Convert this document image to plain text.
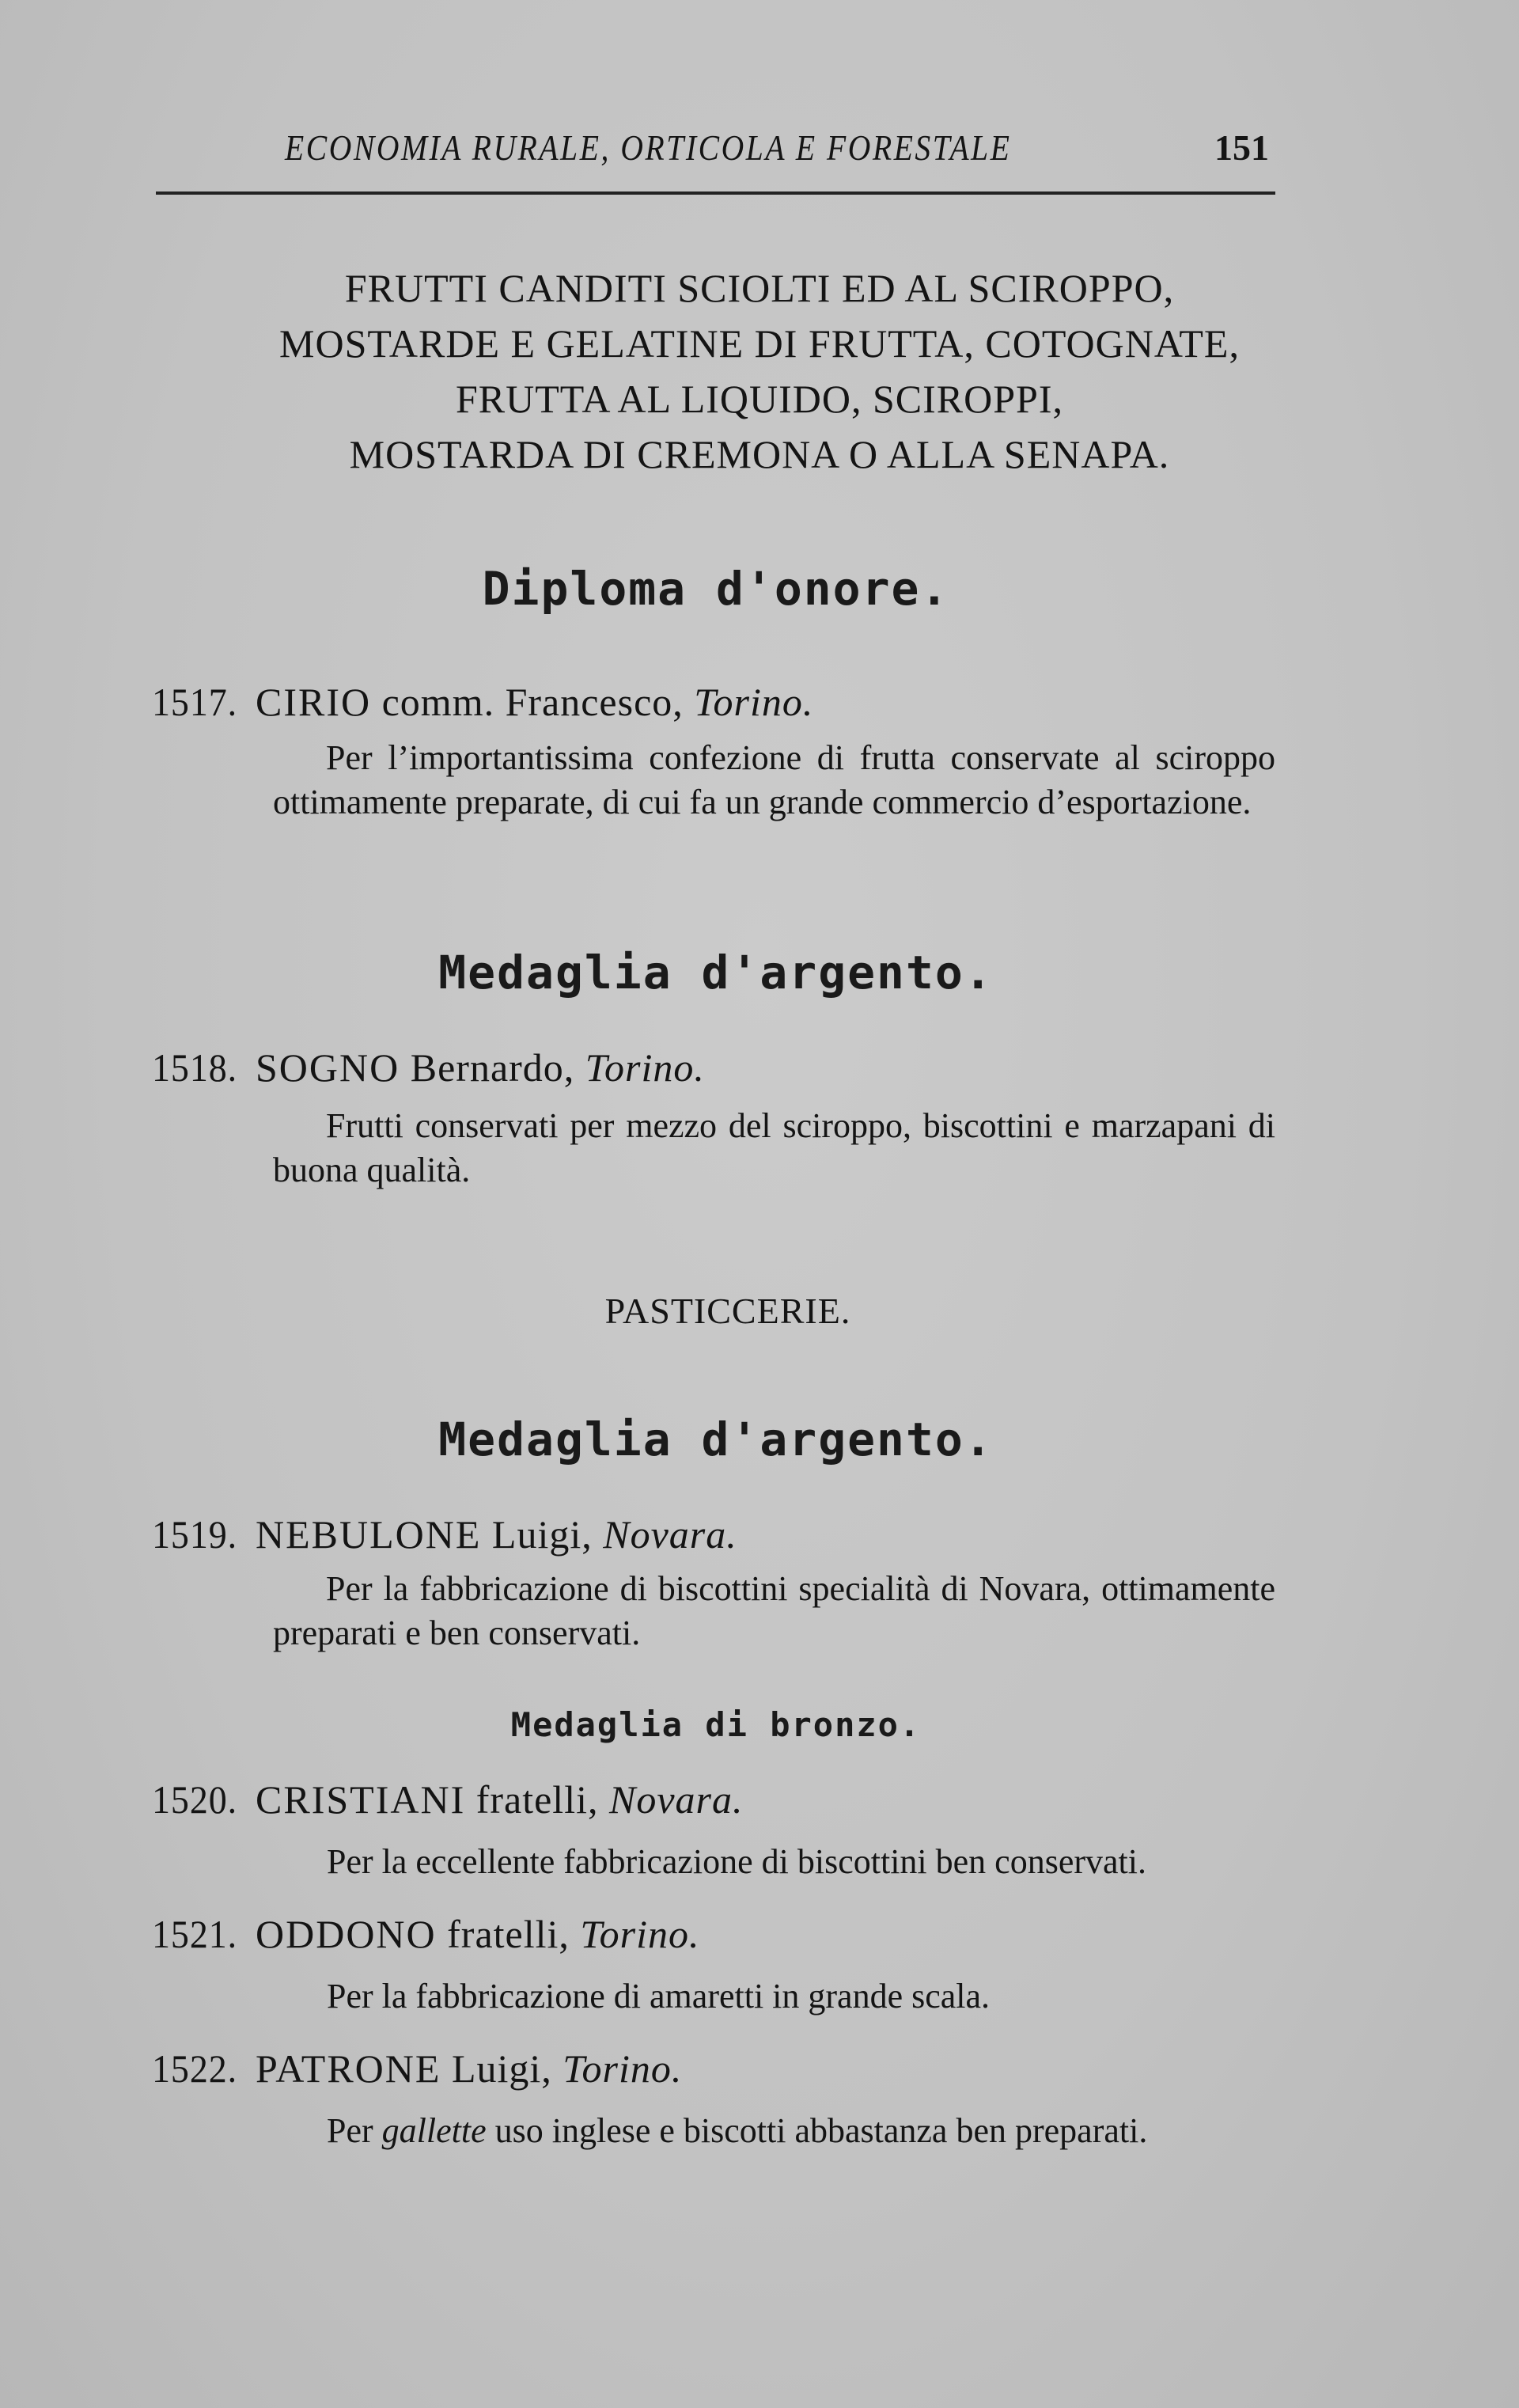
ECONOMIA RURALE, ORTICOLA E FORESTALE	151
FRUTTI CANDITI SCIOLTI ED AL SCIROPPO,
MOSTARDE E GELATINE DI FRUTTA, COTOGNATE,
FRUTTA AL LIQUIDO, SCIROPPI,
MOSTARDA DI CREMONA O ALLA SENAPA.
Diploma d'onore.
1517. CIRIO comm. Francesco, Torino.
Per l’importantissima confezione di frutta conservate al sciroppo ottimamente preparate, di cui fa un grande commercio d’esportazione.
Medaglia d'argento.
1518. SOGNO Bernardo, Torino.
Frutti conservati per mezzo del sciroppo, biscottini e marzapani di buona qualità.
PASTICCERIE.
Medaglia d'argento.
1519. NEBULONE Luigi, Novara.
Per la fabbricazione di biscottini specialità di Novara, ottimamente preparati e ben conservati.
Medaglia di bronzo.
1520. CRISTIANI fratelli, Novara.
Per la eccellente fabbricazione di biscottini ben conservati.
1521. ODDONO fratelli, Torino.
Per la fabbricazione di amaretti in grande scala.
1522. PATRONE Luigi, Torino.
Per gallette uso inglese e biscotti abbastanza ben preparati.
